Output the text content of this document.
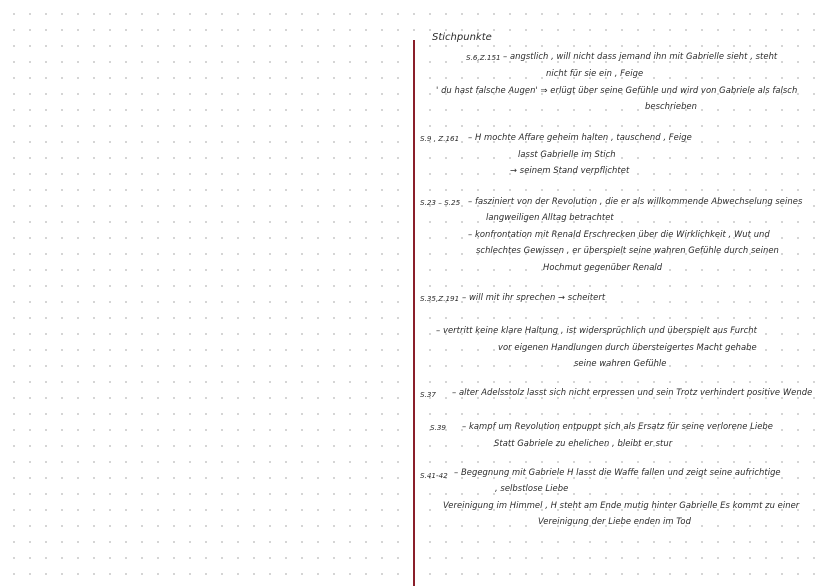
Stichpunkte
S.6,Z.151 – angstlich , will nicht dass jemand ihn mit Gabrielle sieht , steht
nicht für sie ein , Feige
' du hast falsche Augen' ⇒ erlügt über seine Gefühle und wird von Gabriele als falsch
beschrieben
S.9 , Z.161 – H mochte Affare geheim halten , tauschend , Feige
lasst Gabrielle im Stich
→ seinem Stand verpflichtet
S.23 – S.25 – fasziniert von der Revolution , die er als willkommende Abwechselung seines
langweiligen Alltag betrachtet
– konfrontation mit Renald Erschrecken über die Wirklichkeit , Wut und
schlechtes Gewissen , er überspielt seine wahren Gefühle durch seinen
Hochmut gegenüber Renald
S.35,Z.191 – will mit ihr sprechen → scheitert
– vertritt keine klare Haltung , ist widersprüchlich und überspielt aus Furcht
vor eigenen Handlungen durch übersteigertes Macht gehabe
seine wahren Gefühle
S.37 – alter Adelsstolz lasst sich nicht erpressen und sein Trotz verhindert positive Wende
S.39 – kampf um Revolution entpuppt sich als Ersatz für seine verlorene Liebe
Statt Gabriele zu ehelichen , bleibt er stur
S.41-42 – Begegnung mit Gabriele H lasst die Waffe fallen und zeigt seine aufrichtige
, selbstlose Liebe
Vereinigung im Himmel , H steht am Ende mutig hinter Gabrielle Es kommt zu einer
Vereinigung der Liebe enden im Tod
